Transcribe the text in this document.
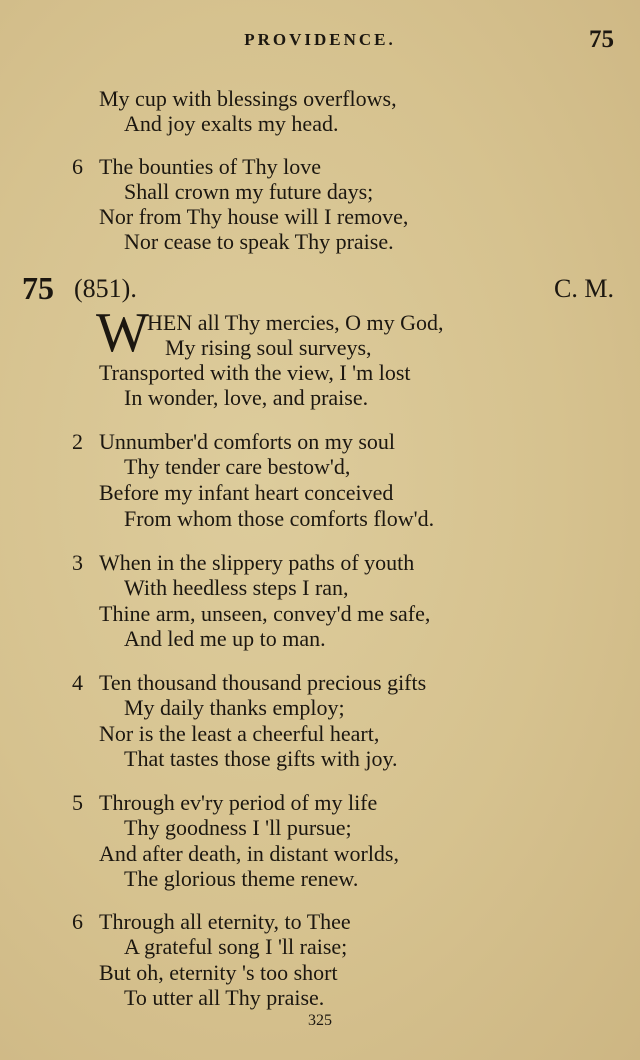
PROVIDENCE.	75
My cup with blessings overflows,
And joy exalts my head.
6 The bounties of Thy love
Shall crown my future days;
Nor from Thy house will I remove,
Nor cease to speak Thy praise.
75 (851).	C. M.
W
HEN all Thy mercies, O my God,
My rising soul surveys,
Transported with the view, I 'm lost
In wonder, love, and praise.
2 Unnumber'd comforts on my soul
Thy tender care bestow'd,
Before my infant heart conceived
From whom those comforts flow'd.
3 When in the slippery paths of youth
With heedless steps I ran,
Thine arm, unseen, convey'd me safe,
And led me up to man.
4 Ten thousand thousand precious gifts
My daily thanks employ;
Nor is the least a cheerful heart,
That tastes those gifts with joy.
5 Through ev'ry period of my life
Thy goodness I 'll pursue;
And after death, in distant worlds,
The glorious theme renew.
6 Through all eternity, to Thee
A grateful song I 'll raise;
But oh, eternity 's too short
To utter all Thy praise.
325
